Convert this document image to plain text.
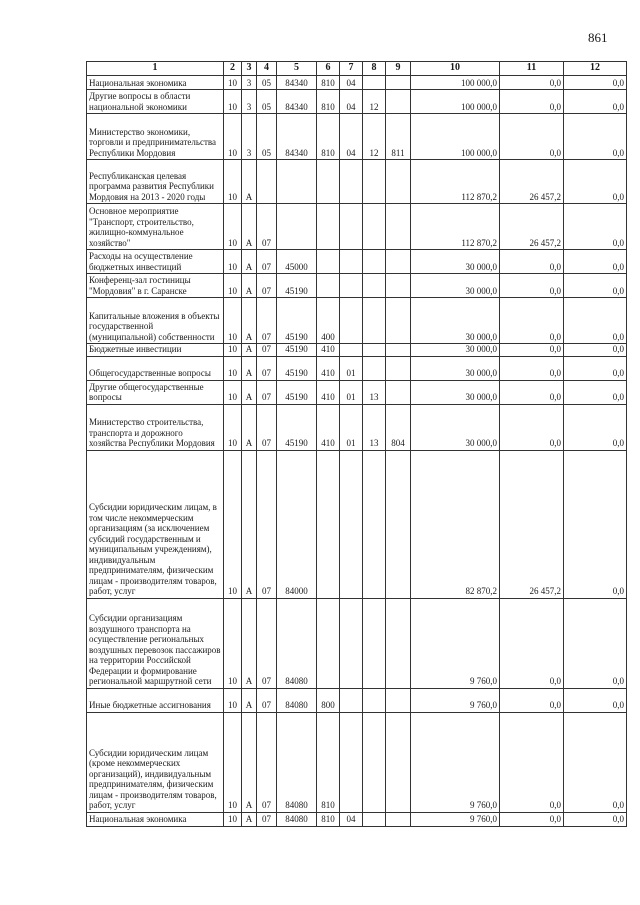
861
1	2	3	4	5	6	7	8	9	10	11	12
Национальная экономика	10	3	05	84340	810	04			100 000,0	0,0	0,0
Другие вопросы в области национальной экономики	10	3	05	84340	810	04	12		100 000,0	0,0	0,0
Министерство экономики, торговли и предпринимательства Республики Мордовия	10	3	05	84340	810	04	12	811	100 000,0	0,0	0,0
Республиканская целевая программа развития Республики Мордовия на 2013 - 2020 годы	10	А							112 870,2	26 457,2	0,0
Основное мероприятие "Транспорт, строительство, жилищно-коммунальное хозяйство"	10	А	07						112 870,2	26 457,2	0,0
Расходы на осуществление бюджетных инвестиций	10	А	07	45000					30 000,0	0,0	0,0
Конференц-зал гостиницы "Мордовия" в г. Саранске	10	А	07	45190					30 000,0	0,0	0,0
Капитальные вложения в объекты государственной (муниципальной) собственности	10	А	07	45190	400				30 000,0	0,0	0,0
Бюджетные инвестиции	10	А	07	45190	410				30 000,0	0,0	0,0
Общегосударственные вопросы	10	А	07	45190	410	01			30 000,0	0,0	0,0
Другие общегосударственные вопросы	10	А	07	45190	410	01	13		30 000,0	0,0	0,0
Министерство строительства, транспорта и дорожного хозяйства Республики Мордовия	10	А	07	45190	410	01	13	804	30 000,0	0,0	0,0
Субсидии юридическим лицам, в том числе некоммерческим организациям (за исключением субсидий государственным и муниципальным учреждениям), индивидуальным предпринимателям, физическим лицам - производителям товаров, работ, услуг	10	А	07	84000					82 870,2	26 457,2	0,0
Субсидии организациям воздушного транспорта на осуществление региональных воздушных перевозок пассажиров на территории Российской Федерации и формирование региональной маршрутной сети	10	А	07	84080					9 760,0	0,0	0,0
Иные бюджетные ассигнования	10	А	07	84080	800				9 760,0	0,0	0,0
Субсидии юридическим лицам (кроме некоммерческих организаций), индивидуальным предпринимателям, физическим лицам - производителям товаров, работ, услуг	10	А	07	84080	810				9 760,0	0,0	0,0
Национальная экономика	10	А	07	84080	810	04			9 760,0	0,0	0,0
